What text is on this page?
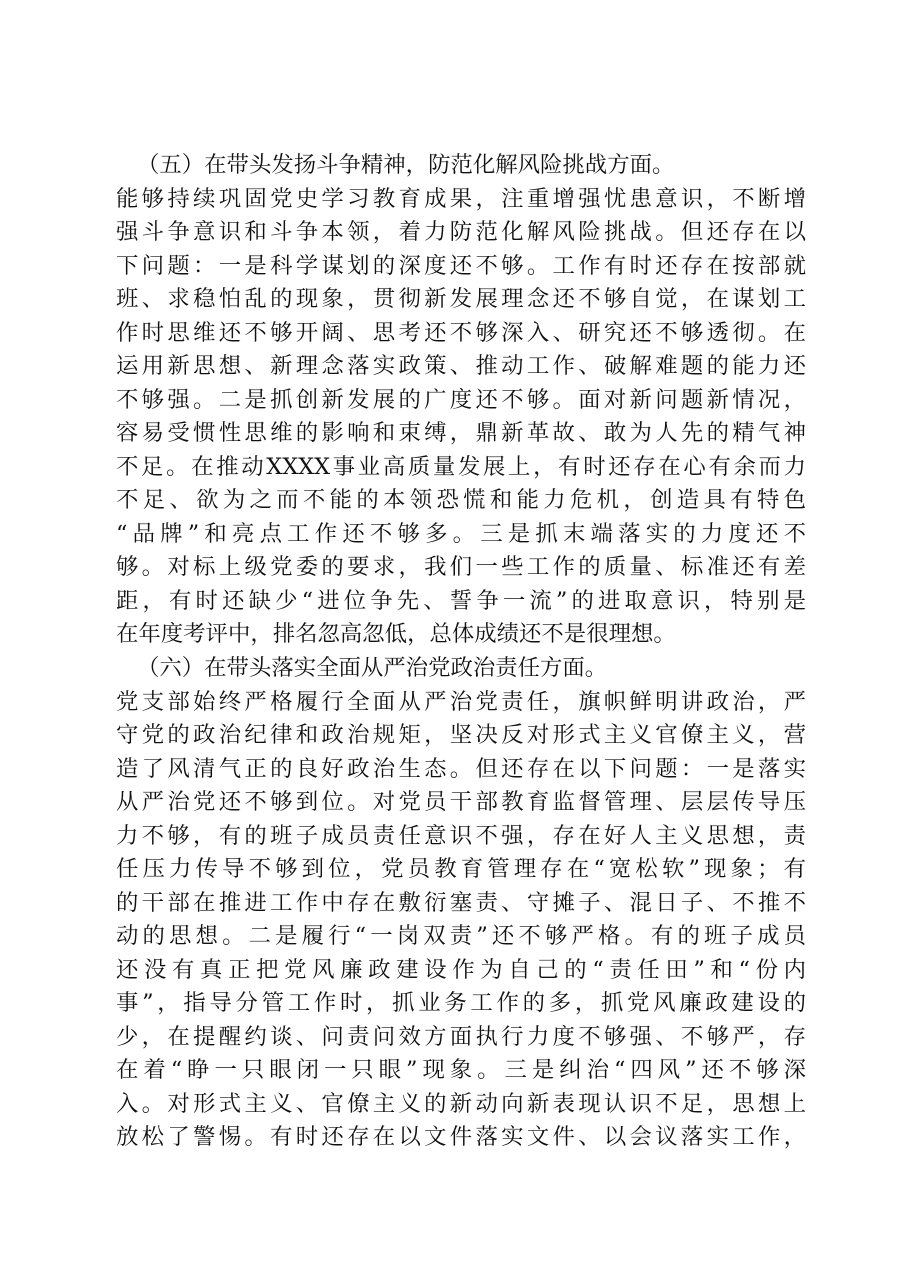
（五）在带头发扬斗争精神，防范化解风险挑战方面。
能够持续巩固党史学习教育成果，注重增强忧患意识，不断增
强斗争意识和斗争本领，着力防范化解风险挑战。但还存在以
下问题：一是科学谋划的深度还不够。工作有时还存在按部就
班、求稳怕乱的现象，贯彻新发展理念还不够自觉，在谋划工
作时思维还不够开阔、思考还不够深入、研究还不够透彻。在
运用新思想、新理念落实政策、推动工作、破解难题的能力还
不够强。二是抓创新发展的广度还不够。面对新问题新情况，
容易受惯性思维的影响和束缚，鼎新革故、敢为人先的精气神
不足。在推动XXXX事业高质量发展上，有时还存在心有余而力
不足、欲为之而不能的本领恐慌和能力危机，创造具有特色
“品牌”和亮点工作还不够多。三是抓末端落实的力度还不
够。对标上级党委的要求，我们一些工作的质量、标准还有差
距，有时还缺少“进位争先、誓争一流”的进取意识，特别是
在年度考评中，排名忽高忽低，总体成绩还不是很理想。
（六）在带头落实全面从严治党政治责任方面。
党支部始终严格履行全面从严治党责任，旗帜鲜明讲政治，严
守党的政治纪律和政治规矩，坚决反对形式主义官僚主义，营
造了风清气正的良好政治生态。但还存在以下问题：一是落实
从严治党还不够到位。对党员干部教育监督管理、层层传导压
力不够，有的班子成员责任意识不强，存在好人主义思想，责
任压力传导不够到位，党员教育管理存在“宽松软”现象；有
的干部在推进工作中存在敷衍塞责、守摊子、混日子、不推不
动的思想。二是履行“一岗双责”还不够严格。有的班子成员
还没有真正把党风廉政建设作为自己的“责任田”和“份内
事”，指导分管工作时，抓业务工作的多，抓党风廉政建设的
少，在提醒约谈、问责问效方面执行力度不够强、不够严，存
在着“睁一只眼闭一只眼”现象。三是纠治“四风”还不够深
入。对形式主义、官僚主义的新动向新表现认识不足，思想上
放松了警惕。有时还存在以文件落实文件、以会议落实工作，
